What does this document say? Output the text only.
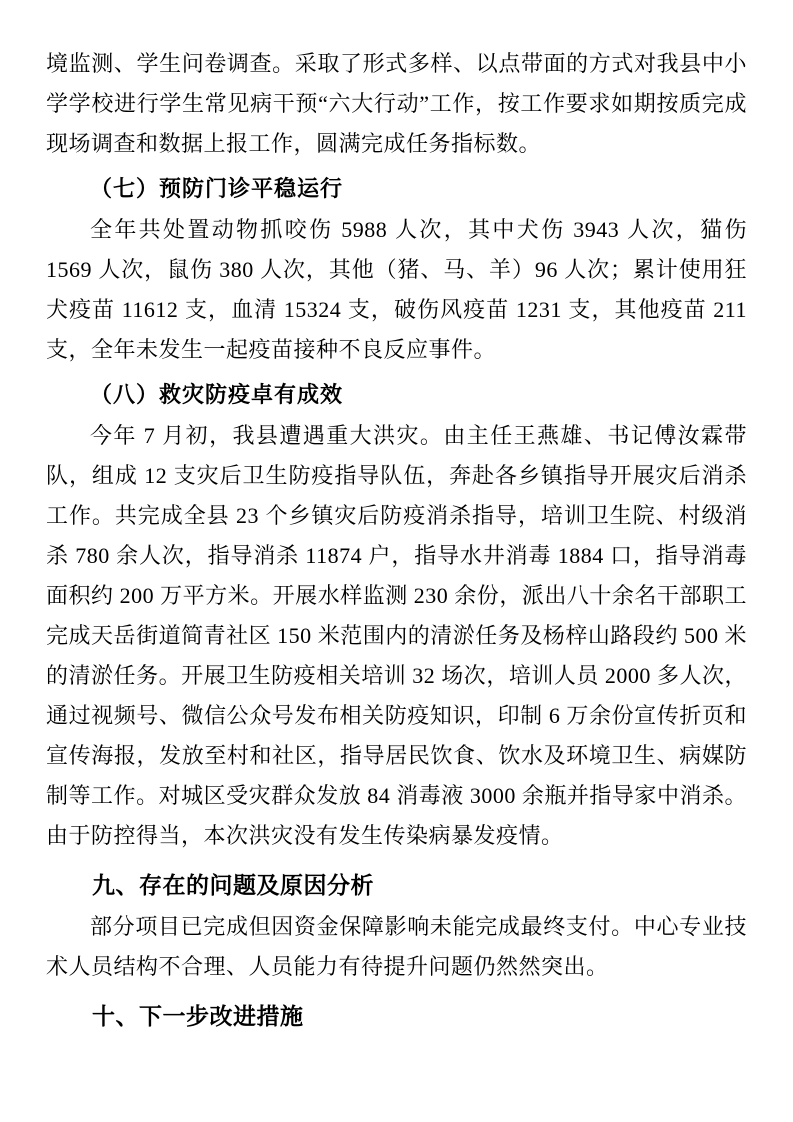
境监测、学生问卷调查。采取了形式多样、以点带面的方式对我县中小学学校进行学生常见病干预“六大行动”工作，按工作要求如期按质完成现场调查和数据上报工作，圆满完成任务指标数。

（七）预防门诊平稳运行

全年共处置动物抓咬伤 5988 人次，其中犬伤 3943 人次，猫伤 1569 人次，鼠伤 380 人次，其他（猪、马、羊）96 人次；累计使用狂犬疫苗 11612 支，血清 15324 支，破伤风疫苗 1231 支，其他疫苗 211 支，全年未发生一起疫苗接种不良反应事件。

（八）救灾防疫卓有成效

今年 7 月初，我县遭遇重大洪灾。由主任王燕雄、书记傅汝霖带队，组成 12 支灾后卫生防疫指导队伍，奔赴各乡镇指导开展灾后消杀工作。共完成全县 23 个乡镇灾后防疫消杀指导，培训卫生院、村级消杀 780 余人次，指导消杀 11874 户，指导水井消毒 1884 口，指导消毒面积约 200 万平方米。开展水样监测 230 余份，派出八十余名干部职工完成天岳街道简青社区 150 米范围内的清淤任务及杨梓山路段约 500 米的清淤任务。开展卫生防疫相关培训 32 场次，培训人员 2000 多人次，通过视频号、微信公众号发布相关防疫知识，印制 6 万余份宣传折页和宣传海报，发放至村和社区，指导居民饮食、饮水及环境卫生、病媒防制等工作。对城区受灾群众发放 84 消毒液 3000 余瓶并指导家中消杀。由于防控得当，本次洪灾没有发生传染病暴发疫情。

九、存在的问题及原因分析

部分项目已完成但因资金保障影响未能完成最终支付。中心专业技术人员结构不合理、人员能力有待提升问题仍然然突出。

十、下一步改进措施
